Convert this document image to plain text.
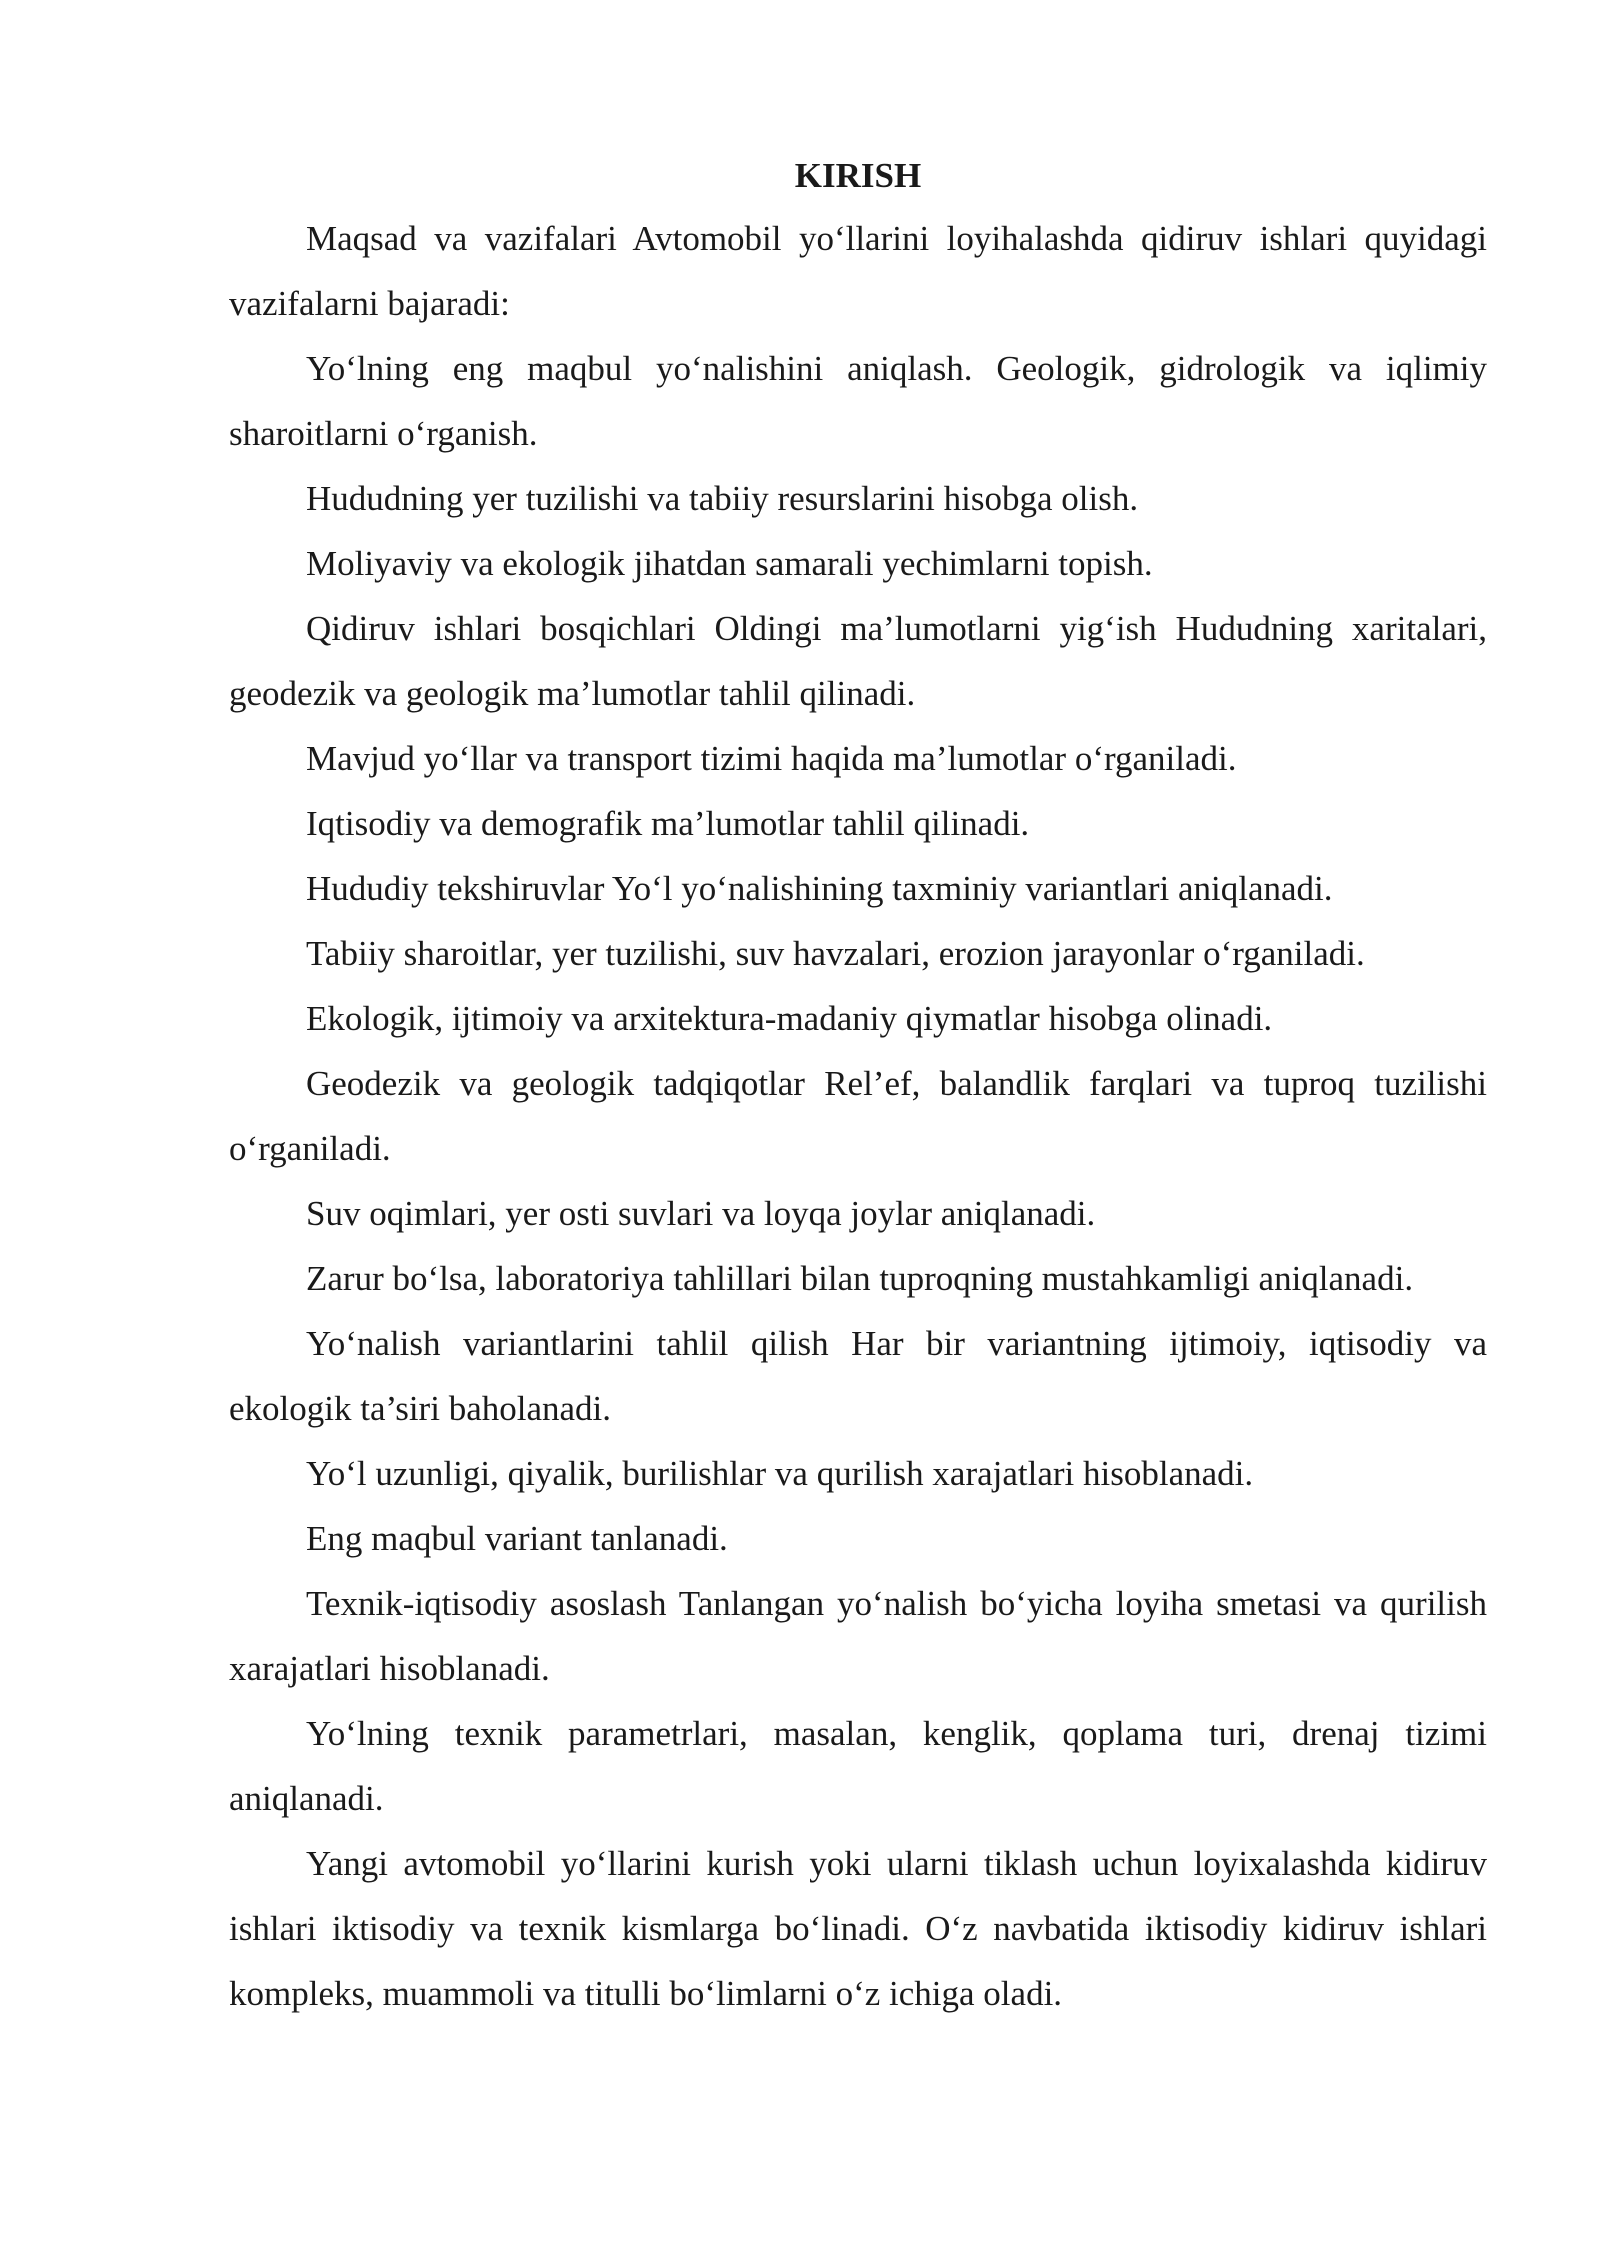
KIRISH

Maqsad va vazifalari Avtomobil yo‘llarini loyihalashda qidiruv ishlari quyidagi vazifalarni bajaradi:

Yo‘lning eng maqbul yo‘nalishini aniqlash. Geologik, gidrologik va iqlimiy sharoitlarni o‘rganish.

Hududning yer tuzilishi va tabiiy resurslarini hisobga olish.

Moliyaviy va ekologik jihatdan samarali yechimlarni topish.

Qidiruv ishlari bosqichlari Oldingi ma’lumotlarni yig‘ish Hududning xaritalari, geodezik va geologik ma’lumotlar tahlil qilinadi.

Mavjud yo‘llar va transport tizimi haqida ma’lumotlar o‘rganiladi.

Iqtisodiy va demografik ma’lumotlar tahlil qilinadi.

Hududiy tekshiruvlar Yo‘l yo‘nalishining taxminiy variantlari aniqlanadi.

Tabiiy sharoitlar, yer tuzilishi, suv havzalari, erozion jarayonlar o‘rganiladi.

Ekologik, ijtimoiy va arxitektura-madaniy qiymatlar hisobga olinadi.

Geodezik va geologik tadqiqotlar Rel’ef, balandlik farqlari va tuproq tuzilishi o‘rganiladi.

Suv oqimlari, yer osti suvlari va loyqa joylar aniqlanadi.

Zarur bo‘lsa, laboratoriya tahlillari bilan tuproqning mustahkamligi aniqlanadi.

Yo‘nalish variantlarini tahlil qilish Har bir variantning ijtimoiy, iqtisodiy va ekologik ta’siri baholanadi.

Yo‘l uzunligi, qiyalik, burilishlar va qurilish xarajatlari hisoblanadi.

Eng maqbul variant tanlanadi.

Texnik-iqtisodiy asoslash Tanlangan yo‘nalish bo‘yicha loyiha smetasi va qurilish xarajatlari hisoblanadi.

Yo‘lning texnik parametrlari, masalan, kenglik, qoplama turi, drenaj tizimi aniqlanadi.

Yangi avtomobil yo‘llarini kurish yoki ularni tiklash uchun loyixalashda kidiruv ishlari iktisodiy va texnik kismlarga bo‘linadi. O‘z navbatida iktisodiy kidiruv ishlari kompleks, muammoli va titulli bo‘limlarni o‘z ichiga oladi.
